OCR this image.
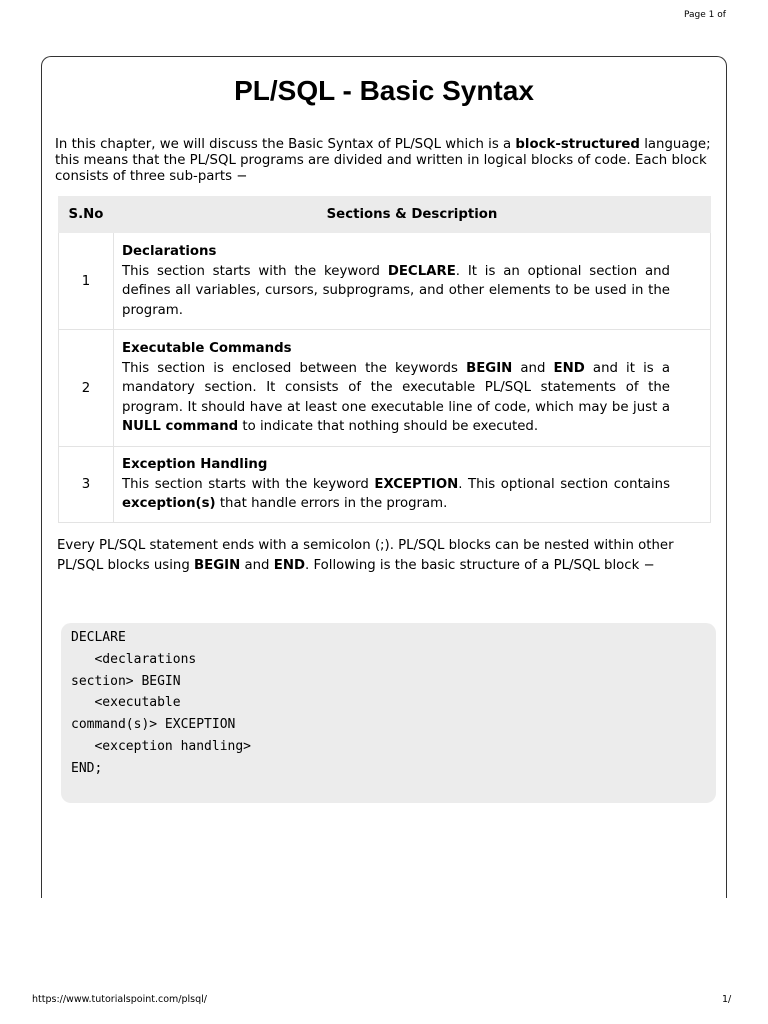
Page 1 of
PL/SQL - Basic Syntax

In this chapter, we will discuss the Basic Syntax of PL/SQL which is a block-structured language; this means that the PL/SQL programs are divided and written in logical blocks of code. Each block consists of three sub-parts −

S.No	Sections & Description
1	Declarations
This section starts with the keyword DECLARE. It is an optional section and defines all variables, cursors, subprograms, and other elements to be used in the program.
2	Executable Commands
This section is enclosed between the keywords BEGIN and END and it is a mandatory section. It consists of the executable PL/SQL statements of the program. It should have at least one executable line of code, which may be just a NULL command to indicate that nothing should be executed.
3	Exception Handling
This section starts with the keyword EXCEPTION. This optional section contains exception(s) that handle errors in the program.

Every PL/SQL statement ends with a semicolon (;). PL/SQL blocks can be nested within other PL/SQL blocks using BEGIN and END. Following is the basic structure of a PL/SQL block −

DECLARE
<declarations
section> BEGIN
<executable
command(s)> EXCEPTION
<exception handling>
END;
https://www.tutorialspoint.com/plsql/	1/
